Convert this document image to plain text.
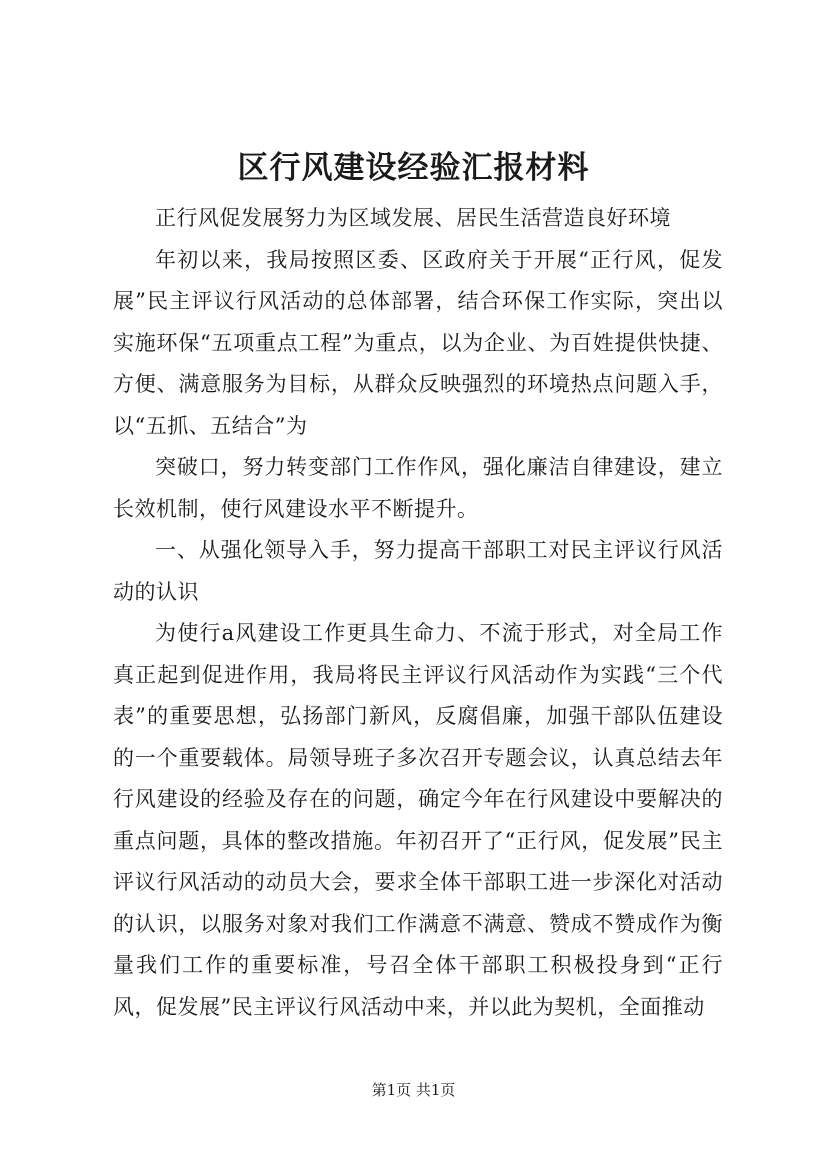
区行风建设经验汇报材料

正行风促发展努力为区域发展、居民生活营造良好环境

年初以来，我局按照区委、区政府关于开展“正行风，促发展”民主评议行风活动的总体部署，结合环保工作实际，突出以实施环保“五项重点工程”为重点，以为企业、为百姓提供快捷、方便、满意服务为目标，从群众反映强烈的环境热点问题入手，以“五抓、五结合”为

突破口，努力转变部门工作作风，强化廉洁自律建设，建立长效机制，使行风建设水平不断提升。

一、从强化领导入手，努力提高干部职工对民主评议行风活动的认识

为使行a风建设工作更具生命力、不流于形式，对全局工作真正起到促进作用，我局将民主评议行风活动作为实践“三个代表”的重要思想，弘扬部门新风，反腐倡廉，加强干部队伍建设的一个重要载体。局领导班子多次召开专题会议，认真总结去年行风建设的经验及存在的问题，确定今年在行风建设中要解决的重点问题，具体的整改措施。年初召开了“正行风，促发展”民主评议行风活动的动员大会，要求全体干部职工进一步深化对活动的认识，以服务对象对我们工作满意不满意、赞成不赞成作为衡量我们工作的重要标准，号召全体干部职工积极投身到“正行风，促发展”民主评议行风活动中来，并以此为契机，全面推动

第1页 共1页
